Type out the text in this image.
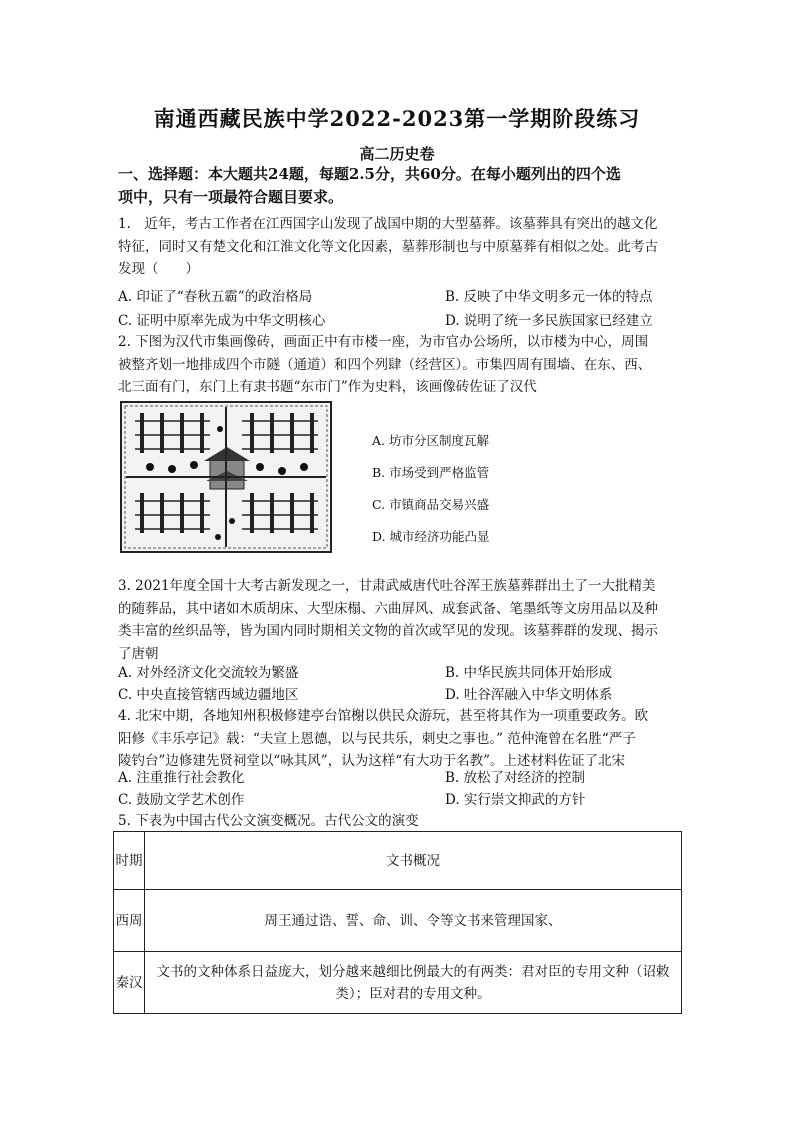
南通西藏民族中学2022-2023第一学期阶段练习
高二历史卷
一、选择题：本大题共24题，每题2.5分，共60分。在每小题列出的四个选
项中，只有一项最符合题目要求。
1.　近年，考古工作者在江西国字山发现了战国中期的大型墓葬。该墓葬具有突出的越文化
特征，同时又有楚文化和江淮文化等文化因素，墓葬形制也与中原墓葬有相似之处。此考古
发现（　　）
A. 印证了“春秋五霸”的政治格局	B. 反映了中华文明多元一体的特点
C. 证明中原率先成为中华文明核心	D. 说明了统一多民族国家已经建立
2. 下图为汉代市集画像砖，画面正中有市楼一座，为市官办公场所，以市楼为中心，周围
被整齐划一地排成四个市隧（通道）和四个列肆（经营区）。市集四周有围墙、在东、西、
北三面有门，东门上有隶书题“东市门”作为史料，该画像砖佐证了汉代
A. 坊市分区制度瓦解
B. 市场受到严格监管
C. 市镇商品交易兴盛
D. 城市经济功能凸显
3. 2021年度全国十大考古新发现之一，甘肃武威唐代吐谷浑王族墓葬群出土了一大批精美
的随葬品，其中诸如木质胡床、大型床榻、六曲屏风、成套武备、笔墨纸等文房用品以及种
类丰富的丝织品等，皆为国内同时期相关文物的首次或罕见的发现。该墓葬群的发现、揭示
了唐朝
A. 对外经济文化交流较为繁盛	B. 中华民族共同体开始形成
C. 中央直接管辖西域边疆地区	D. 吐谷浑融入中华文明体系
4. 北宋中期，各地知州积极修建亭台馆榭以供民众游玩，甚至将其作为一项重要政务。欧
阳修《丰乐亭记》载：“夫宣上恩德，以与民共乐，刺史之事也。” 范仲淹曾在名胜“严子
陵钓台”边修建先贤祠堂以“咏其风”，认为这样“有大功于名教”。上述材料佐证了北宋
A. 注重推行社会教化	B. 放松了对经济的控制
C. 鼓励文学艺术创作	D. 实行崇文抑武的方针
5. 下表为中国古代公文演变概况。古代公文的演变
时期	文书概况
西周	周王通过诰、誓、命、训、令等文书来管理国家、
秦汉	文书的文种体系日益庞大，划分越来越细比例最大的有两类：君对臣的专用文种（诏敕类）；臣对君的专用文种。
